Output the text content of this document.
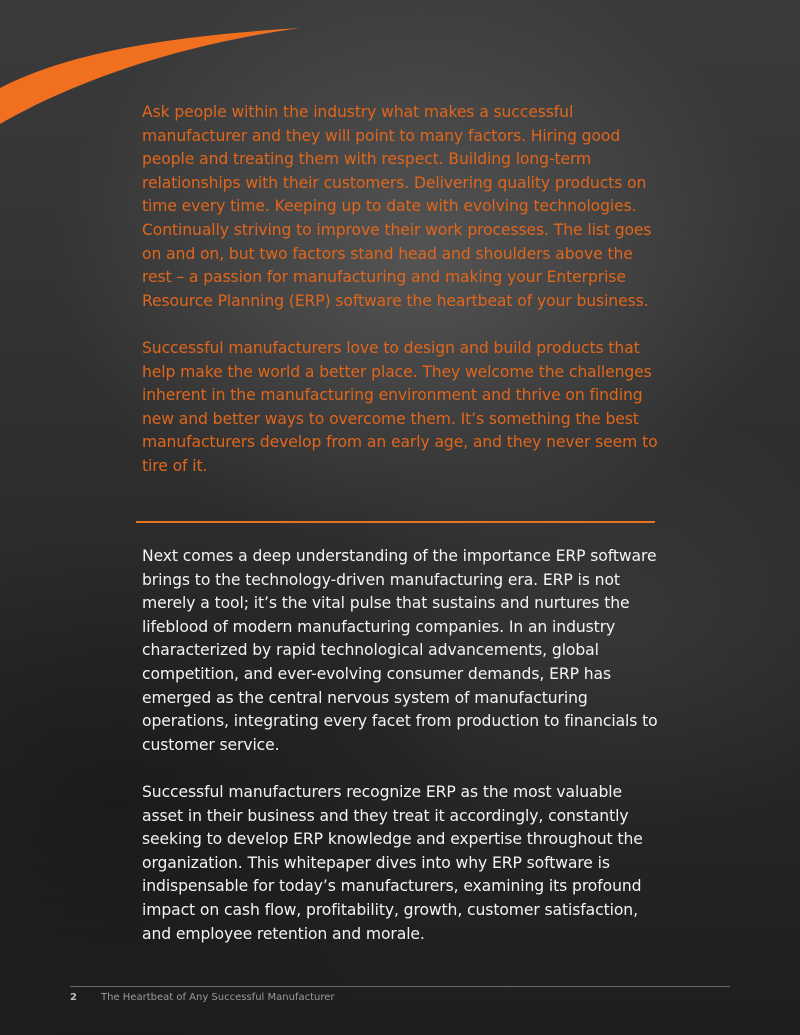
Ask people within the industry what makes a successful manufacturer and they will point to many factors. Hiring good people and treating them with respect. Building long-term relationships with their customers. Delivering quality products on time every time. Keeping up to date with evolving technologies. Continually striving to improve their work processes. The list goes on and on, but two factors stand head and shoulders above the rest – a passion for manufacturing and making your Enterprise Resource Planning (ERP) software the heartbeat of your business.

Successful manufacturers love to design and build products that help make the world a better place. They welcome the challenges inherent in the manufacturing environment and thrive on finding new and better ways to overcome them. It’s something the best manufacturers develop from an early age, and they never seem to tire of it.

Next comes a deep understanding of the importance ERP software brings to the technology-driven manufacturing era. ERP is not merely a tool; it’s the vital pulse that sustains and nurtures the lifeblood of modern manufacturing companies. In an industry characterized by rapid technological advancements, global competition, and ever-evolving consumer demands, ERP has emerged as the central nervous system of manufacturing operations, integrating every facet from production to financials to customer service.

Successful manufacturers recognize ERP as the most valuable asset in their business and they treat it accordingly, constantly seeking to develop ERP knowledge and expertise throughout the organization. This whitepaper dives into why ERP software is indispensable for today’s manufacturers, examining its profound impact on cash flow, profitability, growth, customer satisfaction, and employee retention and morale.

2 The Heartbeat of Any Successful Manufacturer
